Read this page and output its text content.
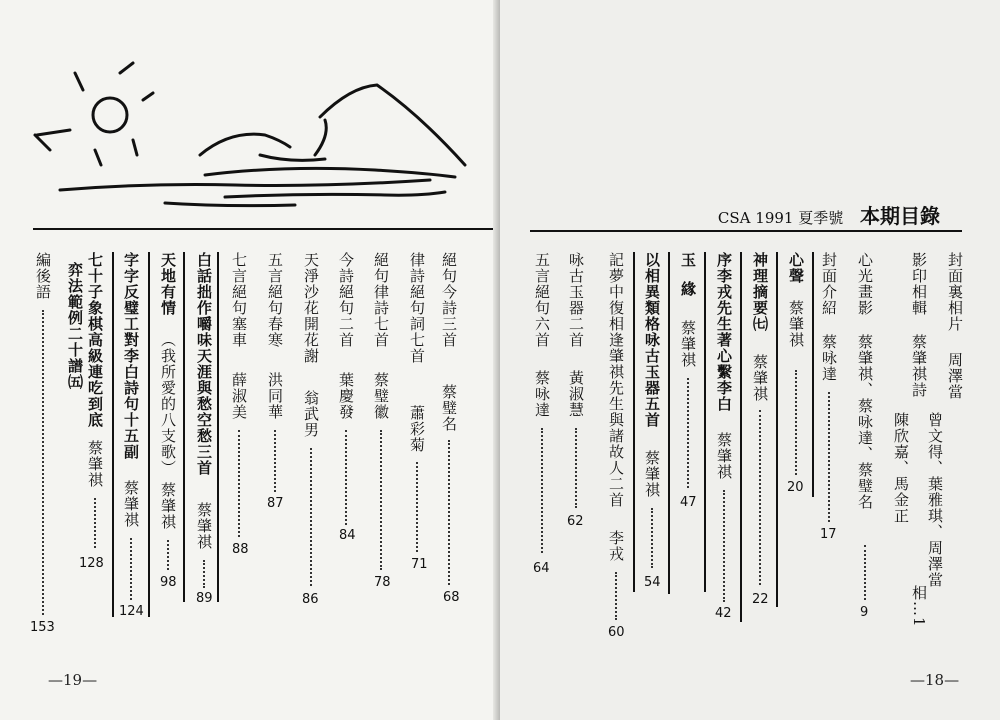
絕句今詩三首
蔡璧名
68
律詩絕句詞七首
蕭彩菊
71
絕句律詩七首
蔡璧徽
78
今詩絕句二首
葉慶發
84
天淨沙花開花謝
翁武男
86
五言絕句春寒
洪同華
87
七言絕句塞車
薛淑美
88
白話拙作嚼味天涯與愁空愁三首
蔡肇祺
89
天地有情
（我所愛的八支歌）
蔡肇祺
98
字字反璧工對李白詩句十五副
蔡肇祺
124
七十子象棋高級連吃到底
弈法範例二十譜㈤
蔡肇祺
128
編後語
153
—19—
CSA 1991 夏季號 本期目錄
封面裏相片
周澤當
影印相輯
蔡肇祺詩
曾文得、葉雅琪、周澤當
陳欣嘉、馬金正
相…1
心光畫影
蔡肇祺、蔡咏達、蔡璧名
9
封面介紹
蔡咏達
17
心聲
蔡肇祺
20
神理摘要㈦
蔡肇祺
22
序李戎先生著心繫李白
蔡肇祺
42
玉緣
蔡肇祺
47
以相異類格咏古玉器五首
蔡肇祺
54
記夢中復相逢肇祺先生與諸故人二首
李戎
60
咏古玉器二首
黃淑慧
62
五言絕句六首
蔡咏達
64
—18—
